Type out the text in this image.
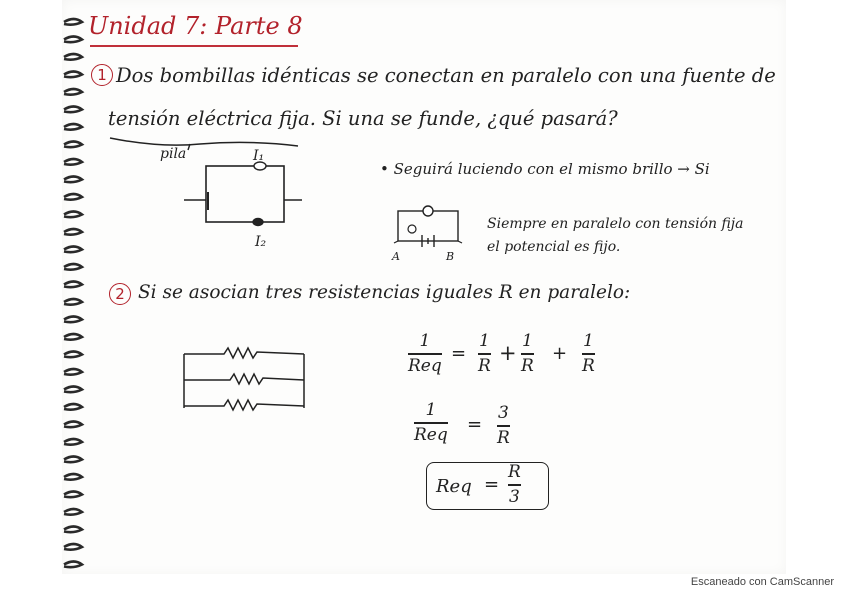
Unidad 7: Parte 8
1 Dos bombillas idénticas se conectan en paralelo con una fuente de
tensión eléctrica fija. Si una se funde, ¿qué pasará?
pila	I₁
I₂
• Seguirá luciendo con el mismo brillo → Si
A	B
Siempre en paralelo con tensión fija
el potencial es fijo.
2 Si se asocian tres resistencias iguales R en paralelo:
1
Req
=
1
R
+ 1
R
+
1
R
1
Req =
3
R
Req =
R
3
Escaneado con CamScanner
